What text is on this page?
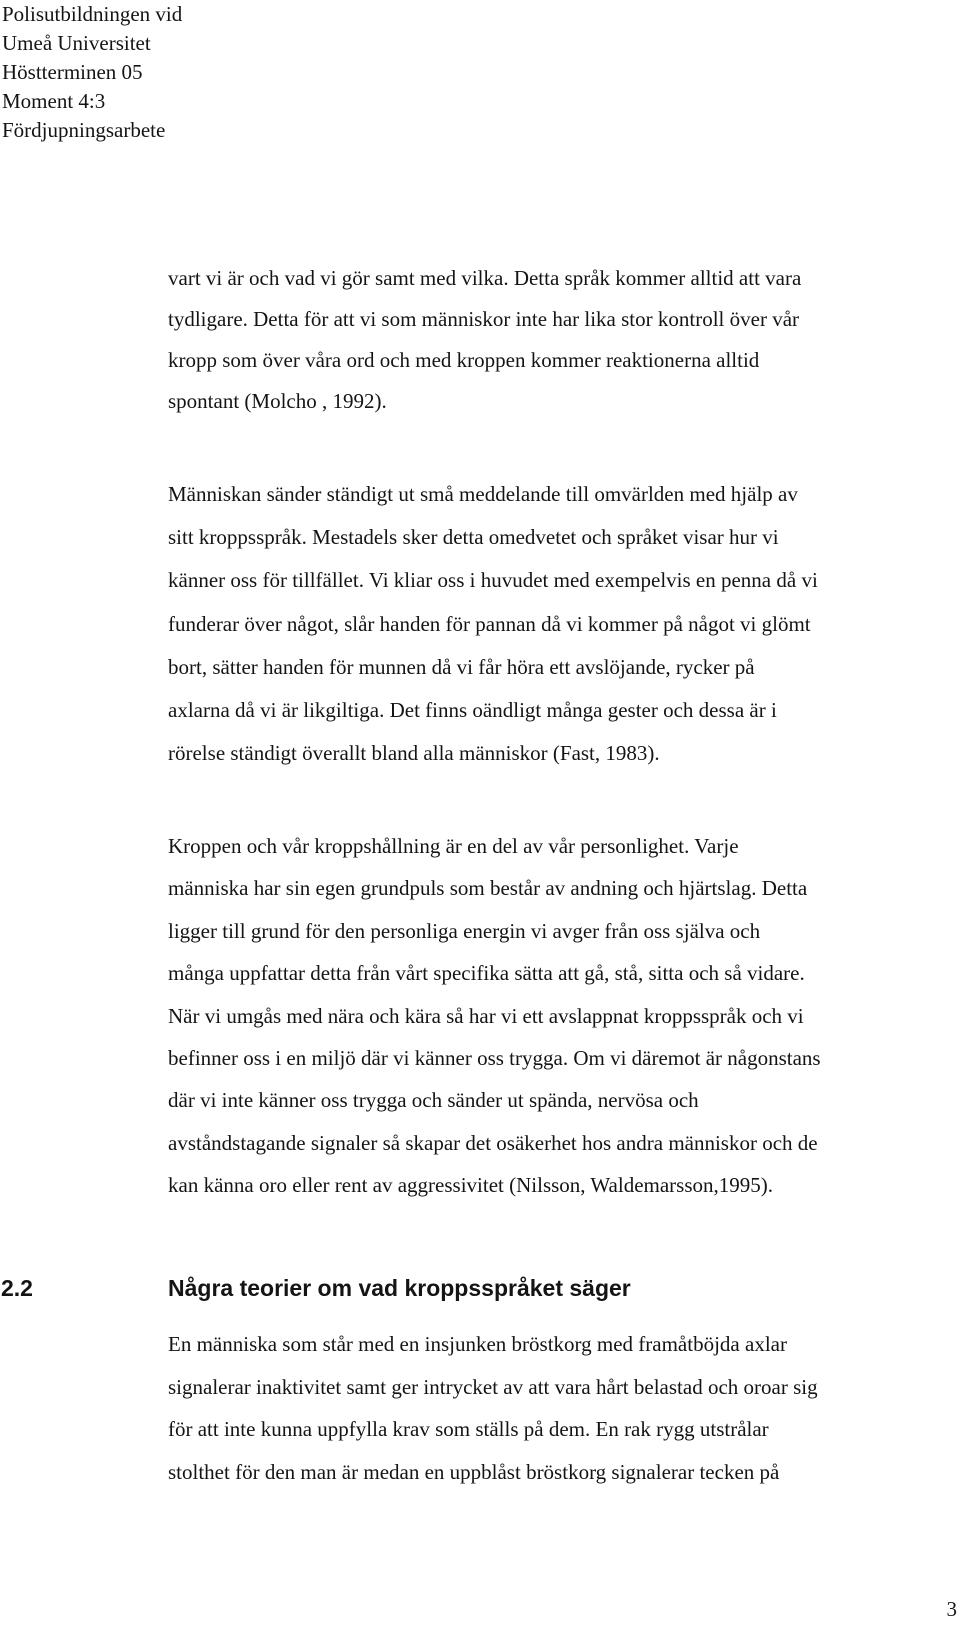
Polisutbildningen vid
Umeå Universitet
Höstterminen 05
Moment 4:3
Fördjupningsarbete

vart vi är och vad vi gör samt med vilka. Detta språk kommer alltid att vara
tydligare. Detta för att vi som människor inte har lika stor kontroll över vår
kropp som över våra ord och med kroppen kommer reaktionerna alltid
spontant (Molcho , 1992).

Människan sänder ständigt ut små meddelande till omvärlden med hjälp av
sitt kroppsspråk. Mestadels sker detta omedvetet och språket visar hur vi
känner oss för tillfället. Vi kliar oss i huvudet med exempelvis en penna då vi
funderar över något, slår handen för pannan då vi kommer på något vi glömt
bort, sätter handen för munnen då vi får höra ett avslöjande, rycker på
axlarna då vi är likgiltiga. Det finns oändligt många gester och dessa är i
rörelse ständigt överallt bland alla människor (Fast, 1983).

Kroppen och vår kroppshållning är en del av vår personlighet. Varje
människa har sin egen grundpuls som består av andning och hjärtslag. Detta
ligger till grund för den personliga energin vi avger från oss själva och
många uppfattar detta från vårt specifika sätta att gå, stå, sitta och så vidare.
När vi umgås med nära och kära så har vi ett avslappnat kroppsspråk och vi
befinner oss i en miljö där vi känner oss trygga. Om vi däremot är någonstans
där vi inte känner oss trygga och sänder ut spända, nervösa och
avståndstagande signaler så skapar det osäkerhet hos andra människor och de
kan känna oro eller rent av aggressivitet (Nilsson, Waldemarsson,1995).

2.2	Några teorier om vad kroppsspråket säger

En människa som står med en insjunken bröstkorg med framåtböjda axlar
signalerar inaktivitet samt ger intrycket av att vara hårt belastad och oroar sig
för att inte kunna uppfylla krav som ställs på dem. En rak rygg utstrålar
stolthet för den man är medan en uppblåst bröstkorg signalerar tecken på

3
